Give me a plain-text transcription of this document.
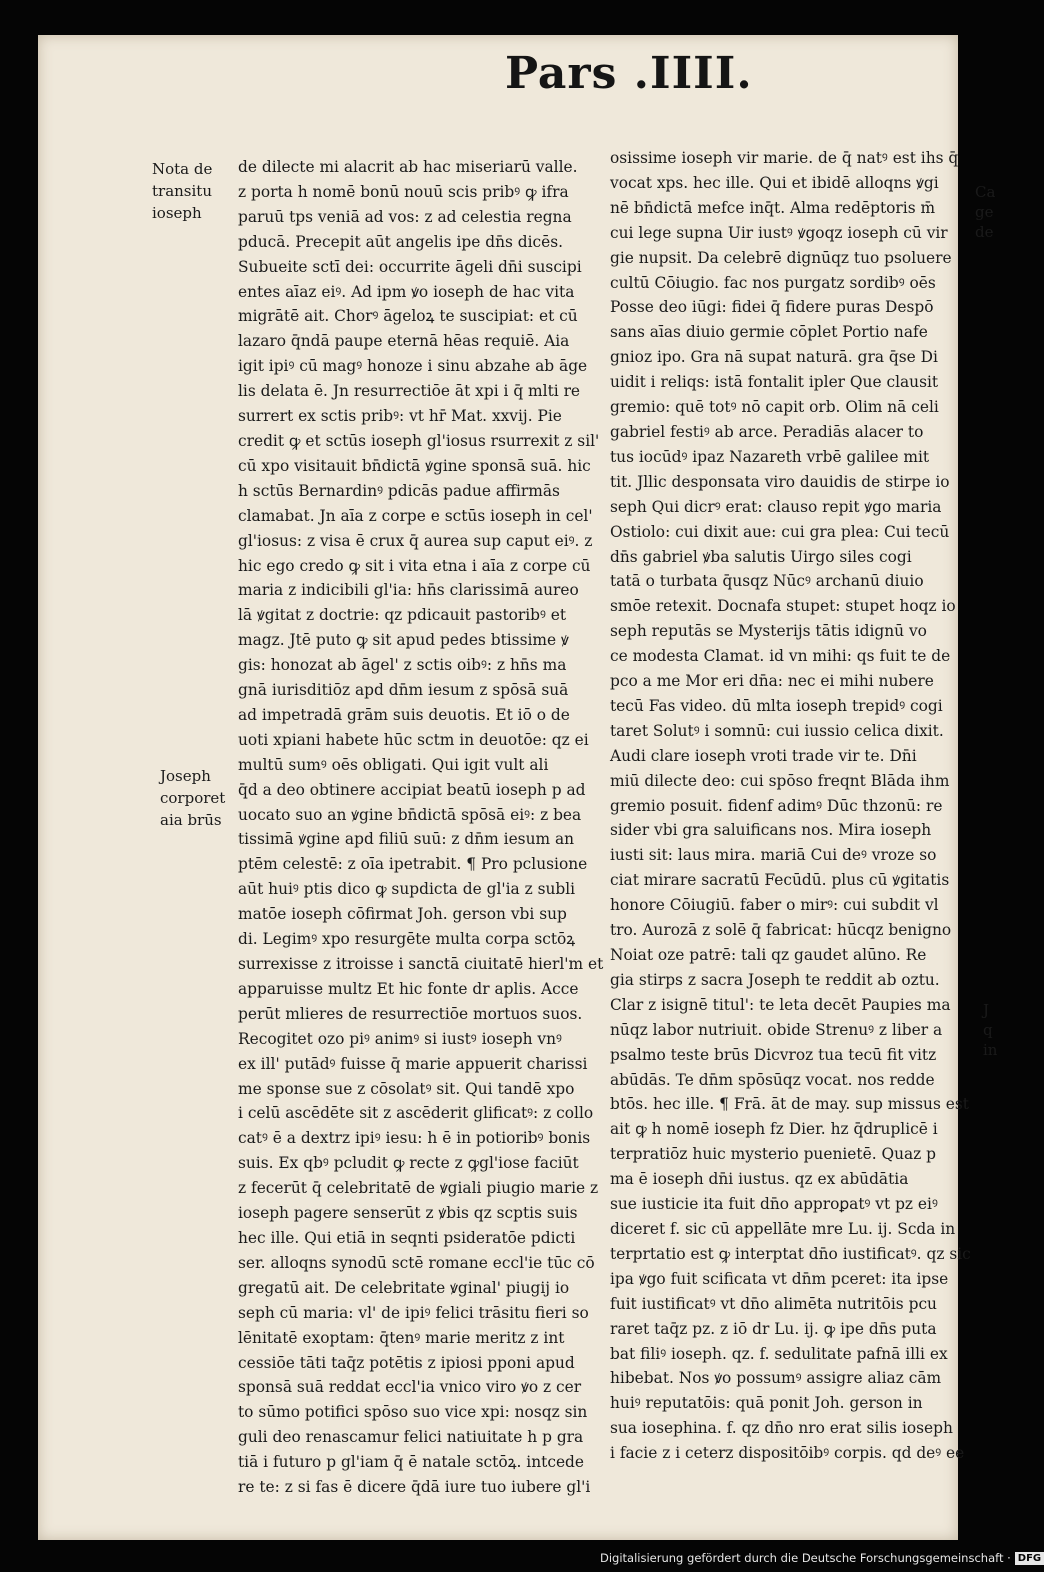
Pars .IIII.
Nota de
transitu
ioseph
Joseph
corporet
aia brūs
de dilecte mi alacrit ab hac miseriarū valle.
z porta h nomē bonū nouū scis pribꝰ ꝙ ifra
paruū tps veniā ad vos: z ad celestia regna
pducā. Precepit aūt angelis ipe dn̄s dicēs.
Subueite sctī dei: occurrite āgeli dn̄i suscipi
entes aīaz eiꝰ. Ad ipm ꝟo ioseph de hac vita
migrātē ait. Chorꝰ āgeloꝝ te suscipiat: et cū
lazaro q̄ndā paupe eternā hēas requiē. Aia
igit ipiꝰ cū magꝰ honoze i sinu abzahe ab āge
lis delata ē. Jn resurrectiōe āt xpi i q̄ mlti re
surrert ex sctis pribꝰ: vt hr̄ Mat. xxvij. Pie
credit ꝙ et sctūs ioseph gl'iosus rsurrexit z sil'
cū xpo visitauit bn̄dictā ꝟgine sponsā suā. hic
h sctūs Bernardinꝰ pdicās padue affirmās
clamabat. Jn aīa z corpe e sctūs ioseph in cel'
gl'iosus: z visa ē crux q̄ aurea sup caput eiꝰ. z
hic ego credo ꝙ sit i vita etna i aīa z corpe cū
maria z indicibili gl'ia: hn̄s clarissimā aureo
lā ꝟgitat z doctrie: qz pdicauit pastoribꝰ et
magz. Jtē puto ꝙ sit apud pedes btissime ꝟ
gis: honozat ab āgel' z sctis oibꝰ: z hn̄s ma
gnā iurisditiōz apd dn̄m iesum z spōsā suā
ad impetradā grām suis deuotis. Et iō o de
uoti xpiani habete hūc sctm in deuotōe: qz ei
multū sumꝰ oēs obligati. Qui igit vult ali
q̄d a deo obtinere accipiat beatū ioseph p ad
uocato suo an ꝟgine bn̄dictā spōsā eiꝰ: z bea
tissimā ꝟgine apd filiū suū: z dn̄m iesum an
ptēm celestē: z oīa ipetrabit. ¶ Pro pclusione
aūt huiꝰ ptis dico ꝙ supdicta de gl'ia z subli
matōe ioseph cōfirmat Joh. gerson vbi sup
di. Legimꝰ xpo resurgēte multa corpa sctōꝝ
surrexisse z itroisse i sanctā ciuitatē hierl'm et
apparuisse multz Et hic fonte dr aplis. Acce
perūt mlieres de resurrectiōe mortuos suos.
Recogitet ozo piꝰ animꝰ si iustꝰ ioseph vnꝰ
ex ill' putādꝰ fuisse q̄ marie appuerit charissi
me sponse sue z cōsolatꝰ sit. Qui tandē xpo
i celū ascēdēte sit z ascēderit glificatꝰ: z collo
catꝰ ē a dextrz ipiꝰ iesu: h ē in potioribꝰ bonis
suis. Ex qbꝰ pcludit ꝙ recte z ꝙgl'iose faciūt
z fecerūt q̄ celebritatē de ꝟgiali piugio marie z
ioseph pagere senserūt z ꝟbis qz scptis suis
hec ille. Qui etiā in seqnti psideratōe pdicti
ser. alloqns synodū sctē romane eccl'ie tūc cō
gregatū ait. De celebritate ꝟginal' piugij io
seph cū maria: vl' de ipiꝰ felici trāsitu fieri so
lēnitatē exoptam: q̄tenꝰ marie meritz z int
cessiōe tāti taq̄z potētis z ipiosi pponi apud
sponsā suā reddat eccl'ia vnico viro ꝟo z cer
to sūmo potifici spōso suo vice xpi: nosqz sin
guli deo renascamur felici natiuitate h p gra
tiā i futuro p gl'iam q̄ ē natale sctōꝝ. intcede
re te: z si fas ē dicere q̄dā iure tuo iubere gl'i
osissime ioseph vir marie. de q̄ natꝰ est ihs q̄
vocat xps. hec ille. Qui et ibidē alloqns ꝟgi
nē bn̄dictā mefce inq̄t. Alma redēptoris m̄
cui lege supna Uir iustꝰ ꝟgoqz ioseph cū vir
gie nupsit. Da celebrē dignūqz tuo psoluere
cultū Cōiugio. fac nos purgatz sordibꝰ oēs
Posse deo iūgi: fidei q̄ fidere puras Despō
sans aīas diuio germie cōplet Portio nafe
gnioz ipo. Gra nā supat naturā. gra q̄se Di
uidit i reliqs: istā fontalit ipler Que clausit
gremio: quē totꝰ nō capit orb. Olim nā celi
gabriel festiꝰ ab arce. Peradiās alacer to
tus iocūdꝰ ipaz Nazareth vrbē galilee mit
tit. Jllic desponsata viro dauidis de stirpe io
seph Qui dicrꝰ erat: clauso repit ꝟgo maria
Ostiolo: cui dixit aue: cui gra plea: Cui tecū
dn̄s gabriel ꝟba salutis Uirgo siles cogi
tatā o turbata q̄usqz Nūcꝰ archanū diuio
smōe retexit. Docnafa stupet: stupet hoqz io
seph reputās se Mysterijs tātis idignū vo
ce modesta Clamat. id vn mihi: qs fuit te de
pco a me Mor eri dn̄a: nec ei mihi nubere
tecū Fas video. dū mlta ioseph trepidꝰ cogi
taret Solutꝰ i somnū: cui iussio celica dixit.
Audi clare ioseph vroti trade vir te. Dn̄i
miū dilecte deo: cui spōso freqnt Blāda ihm
gremio posuit. fidenf adimꝰ Dūc thzonū: re
sider vbi gra saluificans nos. Mira ioseph
iusti sit: laus mira. mariā Cui deꝰ vroze so
ciat mirare sacratū Fecūdū. plus cū ꝟgitatis
honore Cōiugiū. faber o mirꝰ: cui subdit vl
tro. Aurozā z solē q̄ fabricat: hūcqz benigno
Noiat oze patrē: tali qz gaudet alūno. Re
gia stirps z sacra Joseph te reddit ab oztu.
Clar z isignē titul': te leta decēt Paupies ma
nūqz labor nutriuit. obide Strenuꝰ z liber a
psalmo teste brūs Dicvroz tua tecū fit vitz
abūdās. Te dn̄m spōsūqz vocat. nos redde
btōs. hec ille. ¶ Frā. āt de may. sup missus est
ait ꝙ h nomē ioseph fz Dier. hz q̄druplicē i
terpratiōz huic mysterio puenietē. Quaz p
ma ē ioseph dn̄i iustus. qz ex abūdātia
sue iusticie ita fuit dn̄o approꝑatꝰ vt pz eiꝰ
diceret f. sic cū appellāte mre Lu. ij. Scda in
terprtatio est ꝙ interptat dn̄o iustificatꝰ. qz sic
ipa ꝟgo fuit scificata vt dn̄m pceret: ita ipse
fuit iustificatꝰ vt dn̄o alimēta nutritōis pcu
raret taq̄z pz. z iō dr Lu. ij. ꝙ ipe dn̄s puta
bat filiꝰ ioseph. qz. f. sedulitate pafnā illi ex
hibebat. Nos ꝟo possumꝰ assigre aliaz cām
huiꝰ reputatōis: quā ponit Joh. gerson in
sua iosephina. f. qz dn̄o nro erat silis ioseph
i facie z i ceterz dispositōibꝰ corpis. qd deꝰ ee
Ca
ge
de
J
q
in
Digitalisierung gefördert durch die Deutsche Forschungsgemeinschaft · DFG
